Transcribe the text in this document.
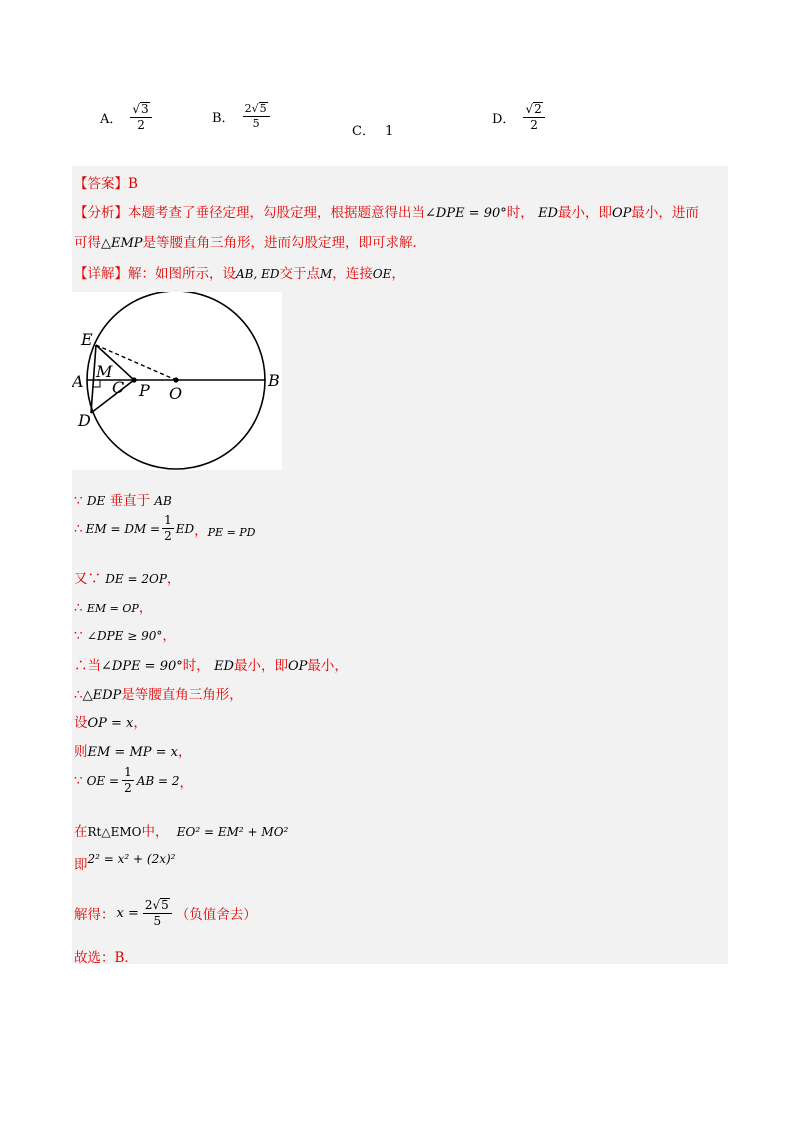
A． $\frac{√ 3}{2}$	B． $\frac{2√ 5}{5}$
C． 1
D． $\frac{√ 2}{2}$
【答案】B
【分析】本题考查了垂径定理，勾股定理，根据题意得出当∠DPE = 90°时， ED最小，即OP最小，进而
可得△EMP是等腰直角三角形，进而勾股定理，即可求解.
【详解】解：如图所示，设AB, ED交于点M，连接OE，
E
A
M
C P O
B
D
∵ DE 垂直于 AB
∴ EM = DM = $\frac{1}{2}$ ED ， PE = PD
又∵ DE = 2OP，
∴ EM = OP，
∵ ∠DPE ≥ 90°，
∴当∠DPE = 90°时， ED最小，即OP最小，
∴△EDP是等腰直角三角形，
设OP = x，
则EM = MP = x，
∵ OE = $\frac{1}{2}$ AB = 2 ，
在Rt△EMO中， EO² = EM² + MO²
即2² = x² + (2x)²
解得： $x = \frac{2√ 5}{5}$ （负值舍去）
故选：B．
